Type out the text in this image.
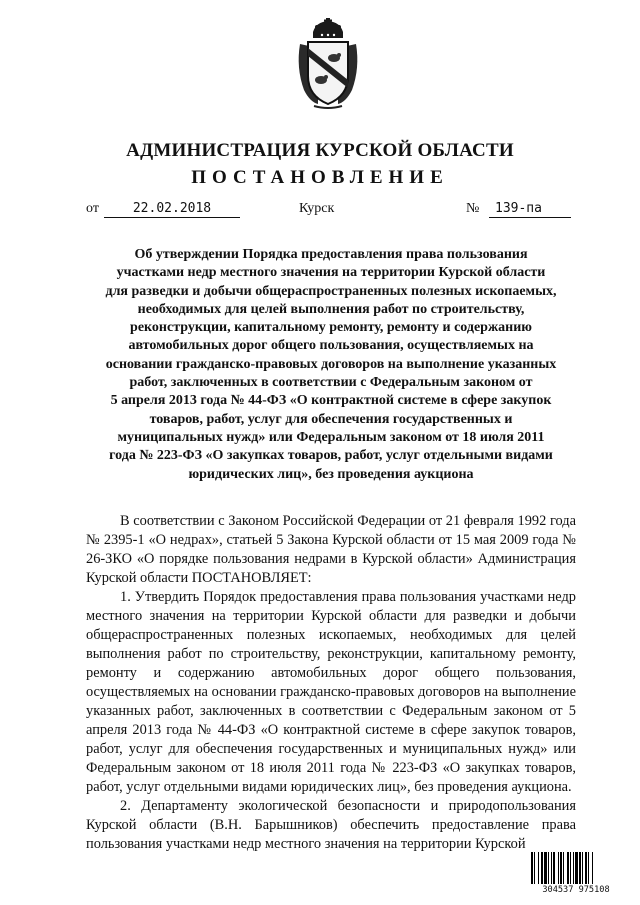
АДМИНИСТРАЦИЯ КУРСКОЙ ОБЛАСТИ
ПОСТАНОВЛЕНИЕ
от	22.02.2018	Курск	№	139-па
Об утверждении Порядка предоставления права пользования
участками недр местного значения на территории Курской области
для разведки и добычи общераспространенных полезных ископаемых,
необходимых для целей выполнения работ по строительству,
реконструкции, капитальному ремонту, ремонту и содержанию
автомобильных дорог общего пользования, осуществляемых на
основании гражданско-правовых договоров на выполнение указанных
работ, заключенных в соответствии с Федеральным законом от
5 апреля 2013 года № 44-ФЗ «О контрактной системе в сфере закупок
товаров, работ, услуг для обеспечения государственных и
муниципальных нужд» или Федеральным законом от 18 июля 2011
года № 223-ФЗ «О закупках товаров, работ, услуг отдельными видами
юридических лиц», без проведения аукциона

В соответствии с Законом Российской Федерации от 21 февраля 1992 года № 2395-1 «О недрах», статьей 5 Закона Курской области от 15 мая 2009 года № 26-ЗКО «О порядке пользования недрами в Курской области» Администрация Курской области ПОСТАНОВЛЯЕТ:

1. Утвердить Порядок предоставления права пользования участками недр местного значения на территории Курской области для разведки и добычи общераспространенных полезных ископаемых, необходимых для целей выполнения работ по строительству, реконструкции, капитальному ремонту, ремонту и содержанию автомобильных дорог общего пользования, осуществляемых на основании гражданско-правовых договоров на выполнение указанных работ, заключенных в соответствии с Федеральным законом от 5 апреля 2013 года № 44-ФЗ «О контрактной системе в сфере закупок товаров, работ, услуг для обеспечения государственных и муниципальных нужд» или Федеральным законом от 18 июля 2011 года № 223-ФЗ «О закупках товаров, работ, услуг отдельными видами юридических лиц», без проведения аукциона.

2. Департаменту экологической безопасности и природопользования Курской области (В.Н. Барышников) обеспечить предоставление права пользования участками недр местного значения на территории Курской

304537 975108
